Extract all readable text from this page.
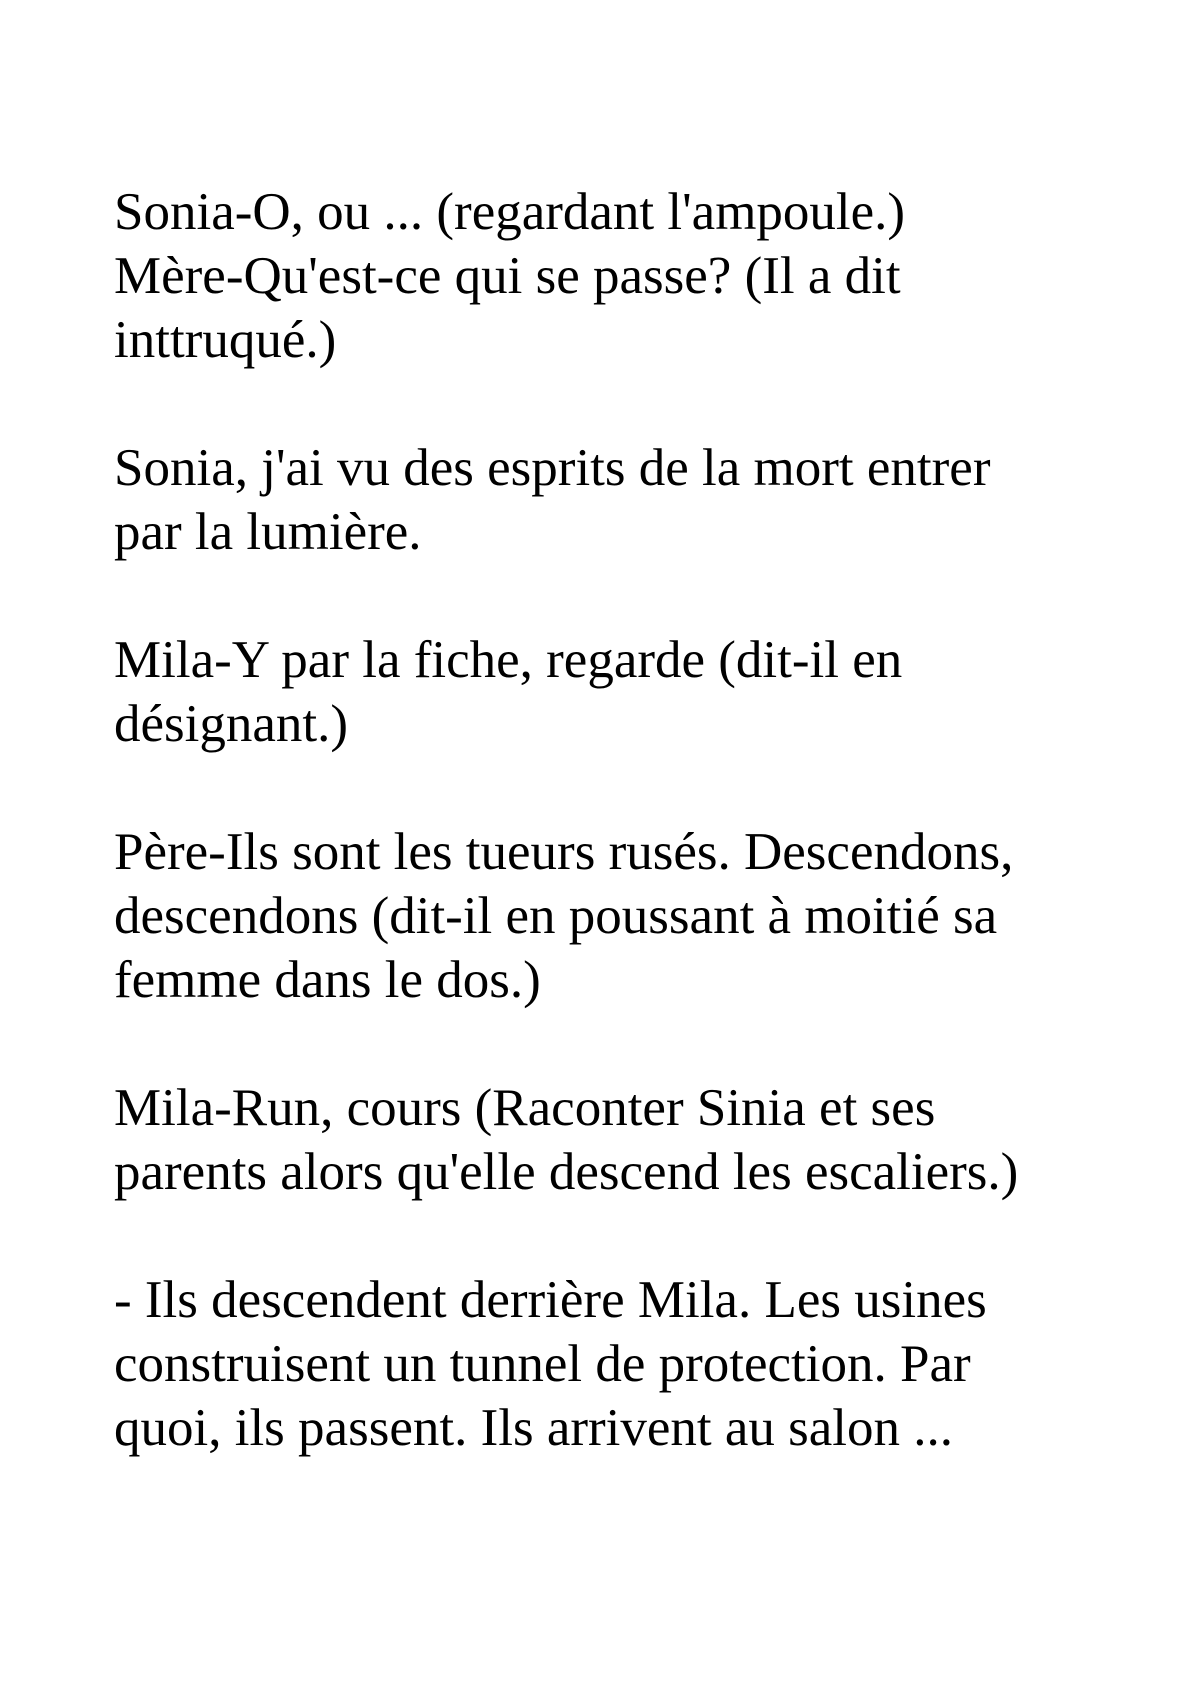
Sonia-O, ou ... (regardant l'ampoule.)
Mère-Qu'est-ce qui se passe? (Il a dit
inttruqué.)

Sonia, j'ai vu des esprits de la mort entrer
par la lumière.

Mila-Y par la fiche, regarde (dit-il en
désignant.)

Père-Ils sont les tueurs rusés. Descendons,
descendons (dit-il en poussant à moitié sa
femme dans le dos.)

Mila-Run, cours (Raconter Sinia et ses
parents alors qu'elle descend les escaliers.)

- Ils descendent derrière Mila. Les usines
construisent un tunnel de protection. Par
quoi, ils passent. Ils arrivent au salon ...
